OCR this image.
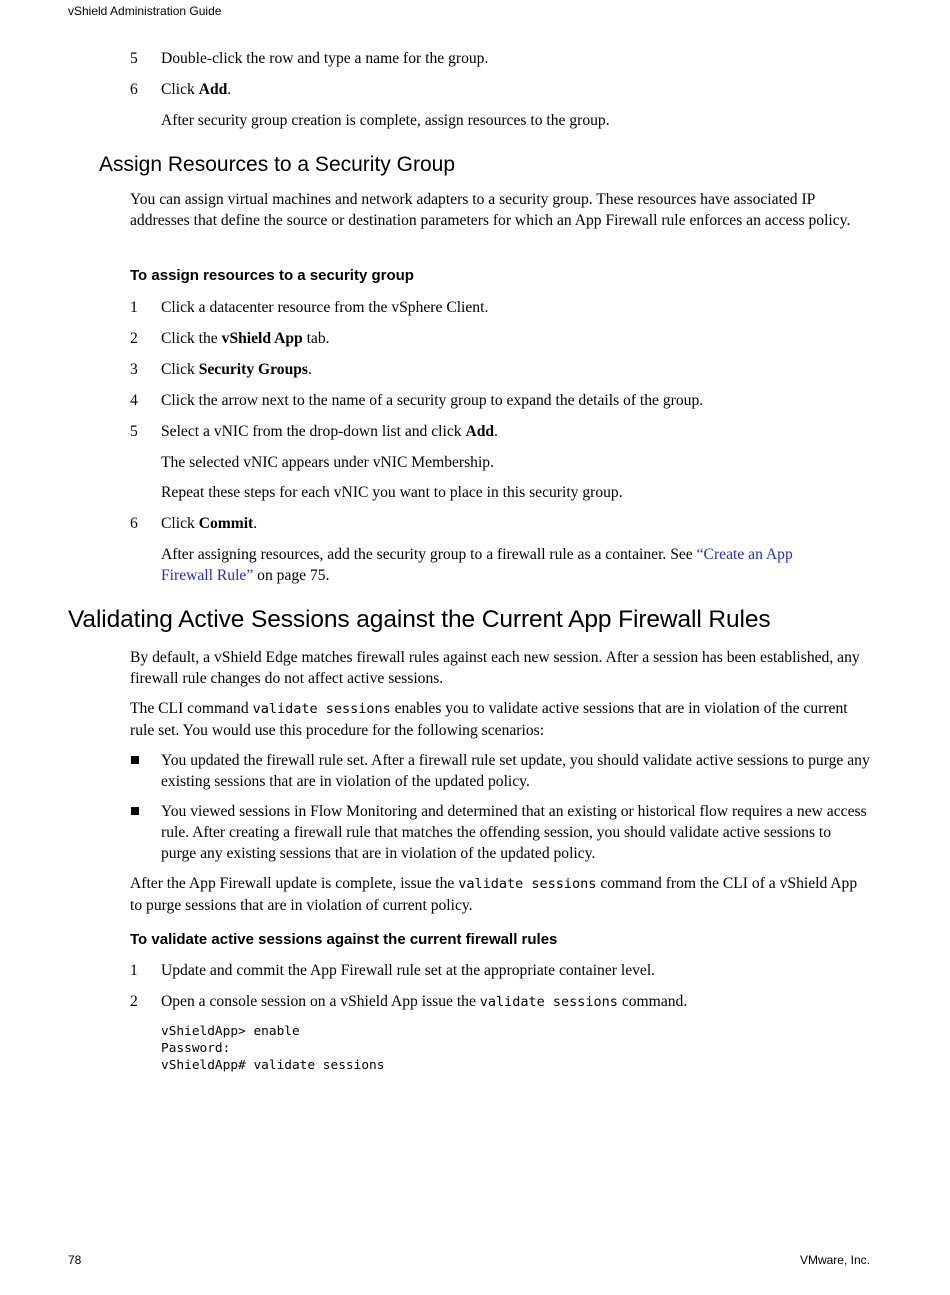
vShield Administration Guide
5	Double-click the row and type a name for the group.
6	Click Add.
After security group creation is complete, assign resources to the group.
Assign Resources to a Security Group
You can assign virtual machines and network adapters to a security group. These resources have associated IP addresses that define the source or destination parameters for which an App Firewall rule enforces an access policy.
To assign resources to a security group
1	Click a datacenter resource from the vSphere Client.
2	Click the vShield App tab.
3	Click Security Groups.
4	Click the arrow next to the name of a security group to expand the details of the group.
5	Select a vNIC from the drop-down list and click Add.
The selected vNIC appears under vNIC Membership.
Repeat these steps for each vNIC you want to place in this security group.
6	Click Commit.
After assigning resources, add the security group to a firewall rule as a container. See “Create an App
Firewall Rule” on page 75.
Validating Active Sessions against the Current App Firewall Rules
By default, a vShield Edge matches firewall rules against each new session. After a session has been established, any firewall rule changes do not affect active sessions.
The CLI command validate sessions enables you to validate active sessions that are in violation of the current rule set. You would use this procedure for the following scenarios:
You updated the firewall rule set. After a firewall rule set update, you should validate active sessions to purge any existing sessions that are in violation of the updated policy.
You viewed sessions in Flow Monitoring and determined that an existing or historical flow requires a new access rule. After creating a firewall rule that matches the offending session, you should validate active sessions to purge any existing sessions that are in violation of the updated policy.
After the App Firewall update is complete, issue the validate sessions command from the CLI of a vShield App to purge sessions that are in violation of current policy.
To validate active sessions against the current firewall rules
1	Update and commit the App Firewall rule set at the appropriate container level.
2	Open a console session on a vShield App issue the validate sessions command.
vShieldApp> enable
Password:
vShieldApp# validate sessions
78	VMware, Inc.
